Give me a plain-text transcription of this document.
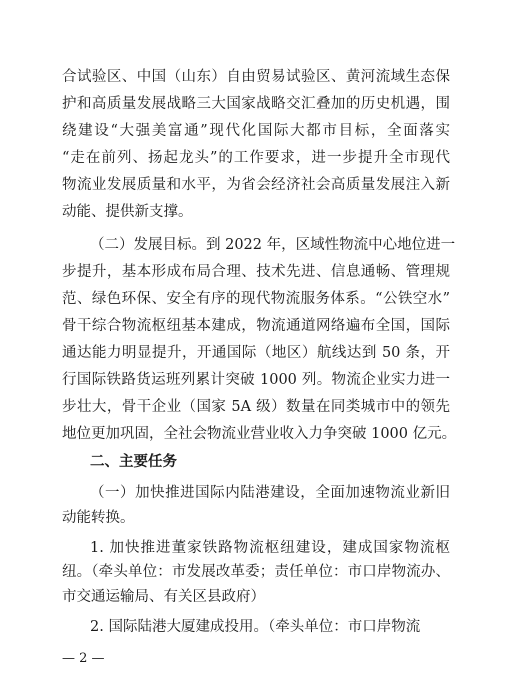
合试验区、中国（山东）自由贸易试验区、黄河流域生态保
护和高质量发展战略三大国家战略交汇叠加的历史机遇，围
绕建设“大强美富通”现代化国际大都市目标，全面落实
“走在前列、扬起龙头”的工作要求，进一步提升全市现代
物流业发展质量和水平，为省会经济社会高质量发展注入新
动能、提供新支撑。
（二）发展目标。到 2022 年，区域性物流中心地位进一
步提升，基本形成布局合理、技术先进、信息通畅、管理规
范、绿色环保、安全有序的现代物流服务体系。“公铁空水”
骨干综合物流枢纽基本建成，物流通道网络遍布全国，国际
通达能力明显提升，开通国际（地区）航线达到 50 条，开
行国际铁路货运班列累计突破 1000 列。物流企业实力进一
步壮大，骨干企业（国家 5A 级）数量在同类城市中的领先
地位更加巩固，全社会物流业营业收入力争突破 1000 亿元。
二、主要任务
（一）加快推进国际内陆港建设，全面加速物流业新旧
动能转换。
1. 加快推进董家铁路物流枢纽建设，建成国家物流枢
纽。（牵头单位：市发展改革委；责任单位：市口岸物流办、
— 2 —
市交通运输局、有关区县政府）
2. 国际陆港大厦建成投用。（牵头单位：市口岸物流
